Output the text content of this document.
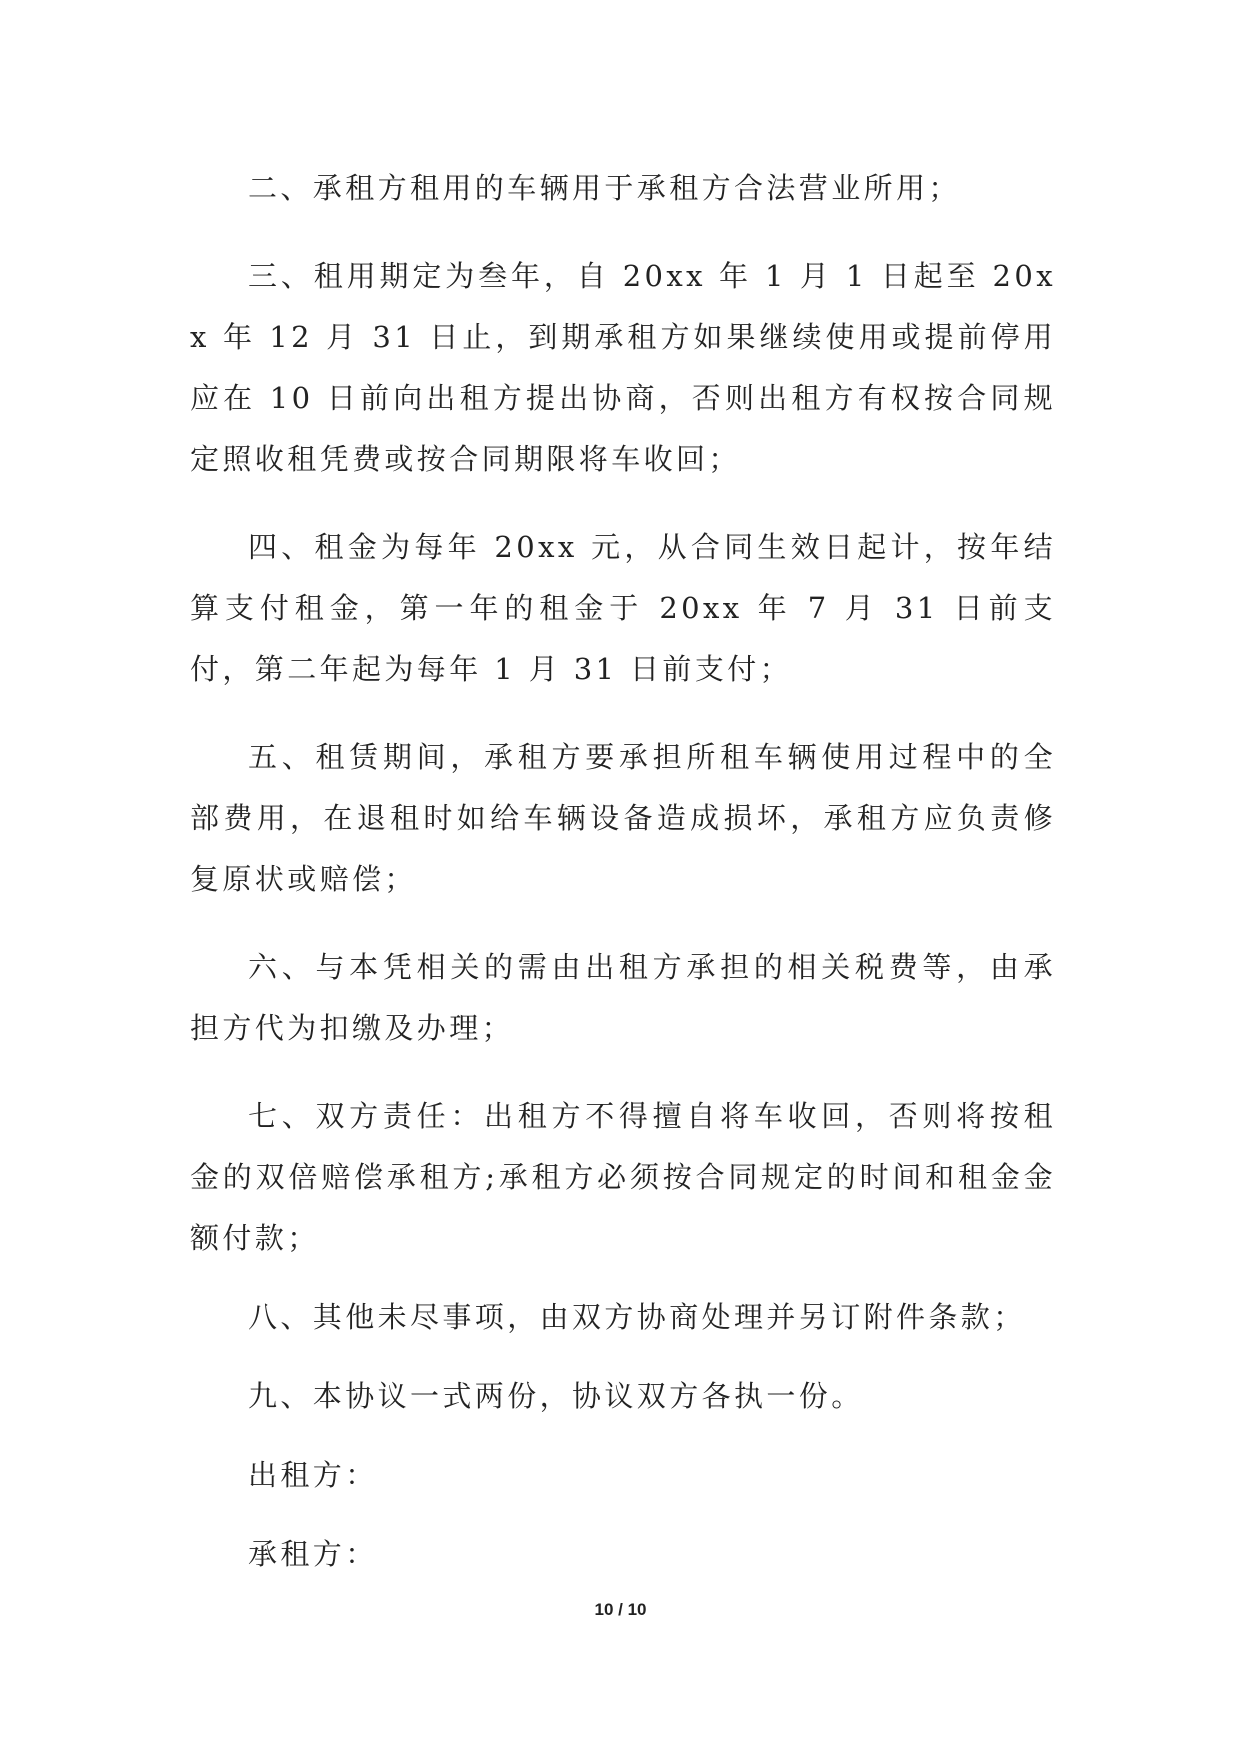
二、承租方租用的车辆用于承租方合法营业所用；

三、租用期定为叁年，自 20xx 年 1 月 1 日起至 20xx 年 12 月 31 日止，到期承租方如果继续使用或提前停用应在 10 日前向出租方提出协商，否则出租方有权按合同规定照收租凭费或按合同期限将车收回；

四、租金为每年 20xx 元，从合同生效日起计，按年结算支付租金，第一年的租金于 20xx 年 7 月 31 日前支付，第二年起为每年 1 月 31 日前支付；

五、租赁期间，承租方要承担所租车辆使用过程中的全部费用，在退租时如给车辆设备造成损坏，承租方应负责修复原状或赔偿；

六、与本凭相关的需由出租方承担的相关税费等，由承担方代为扣缴及办理；

七、双方责任：出租方不得擅自将车收回，否则将按租金的双倍赔偿承租方;承租方必须按合同规定的时间和租金金额付款；

八、其他未尽事项，由双方协商处理并另订附件条款；

九、本协议一式两份，协议双方各执一份。

出租方：

承租方：

10 / 10
